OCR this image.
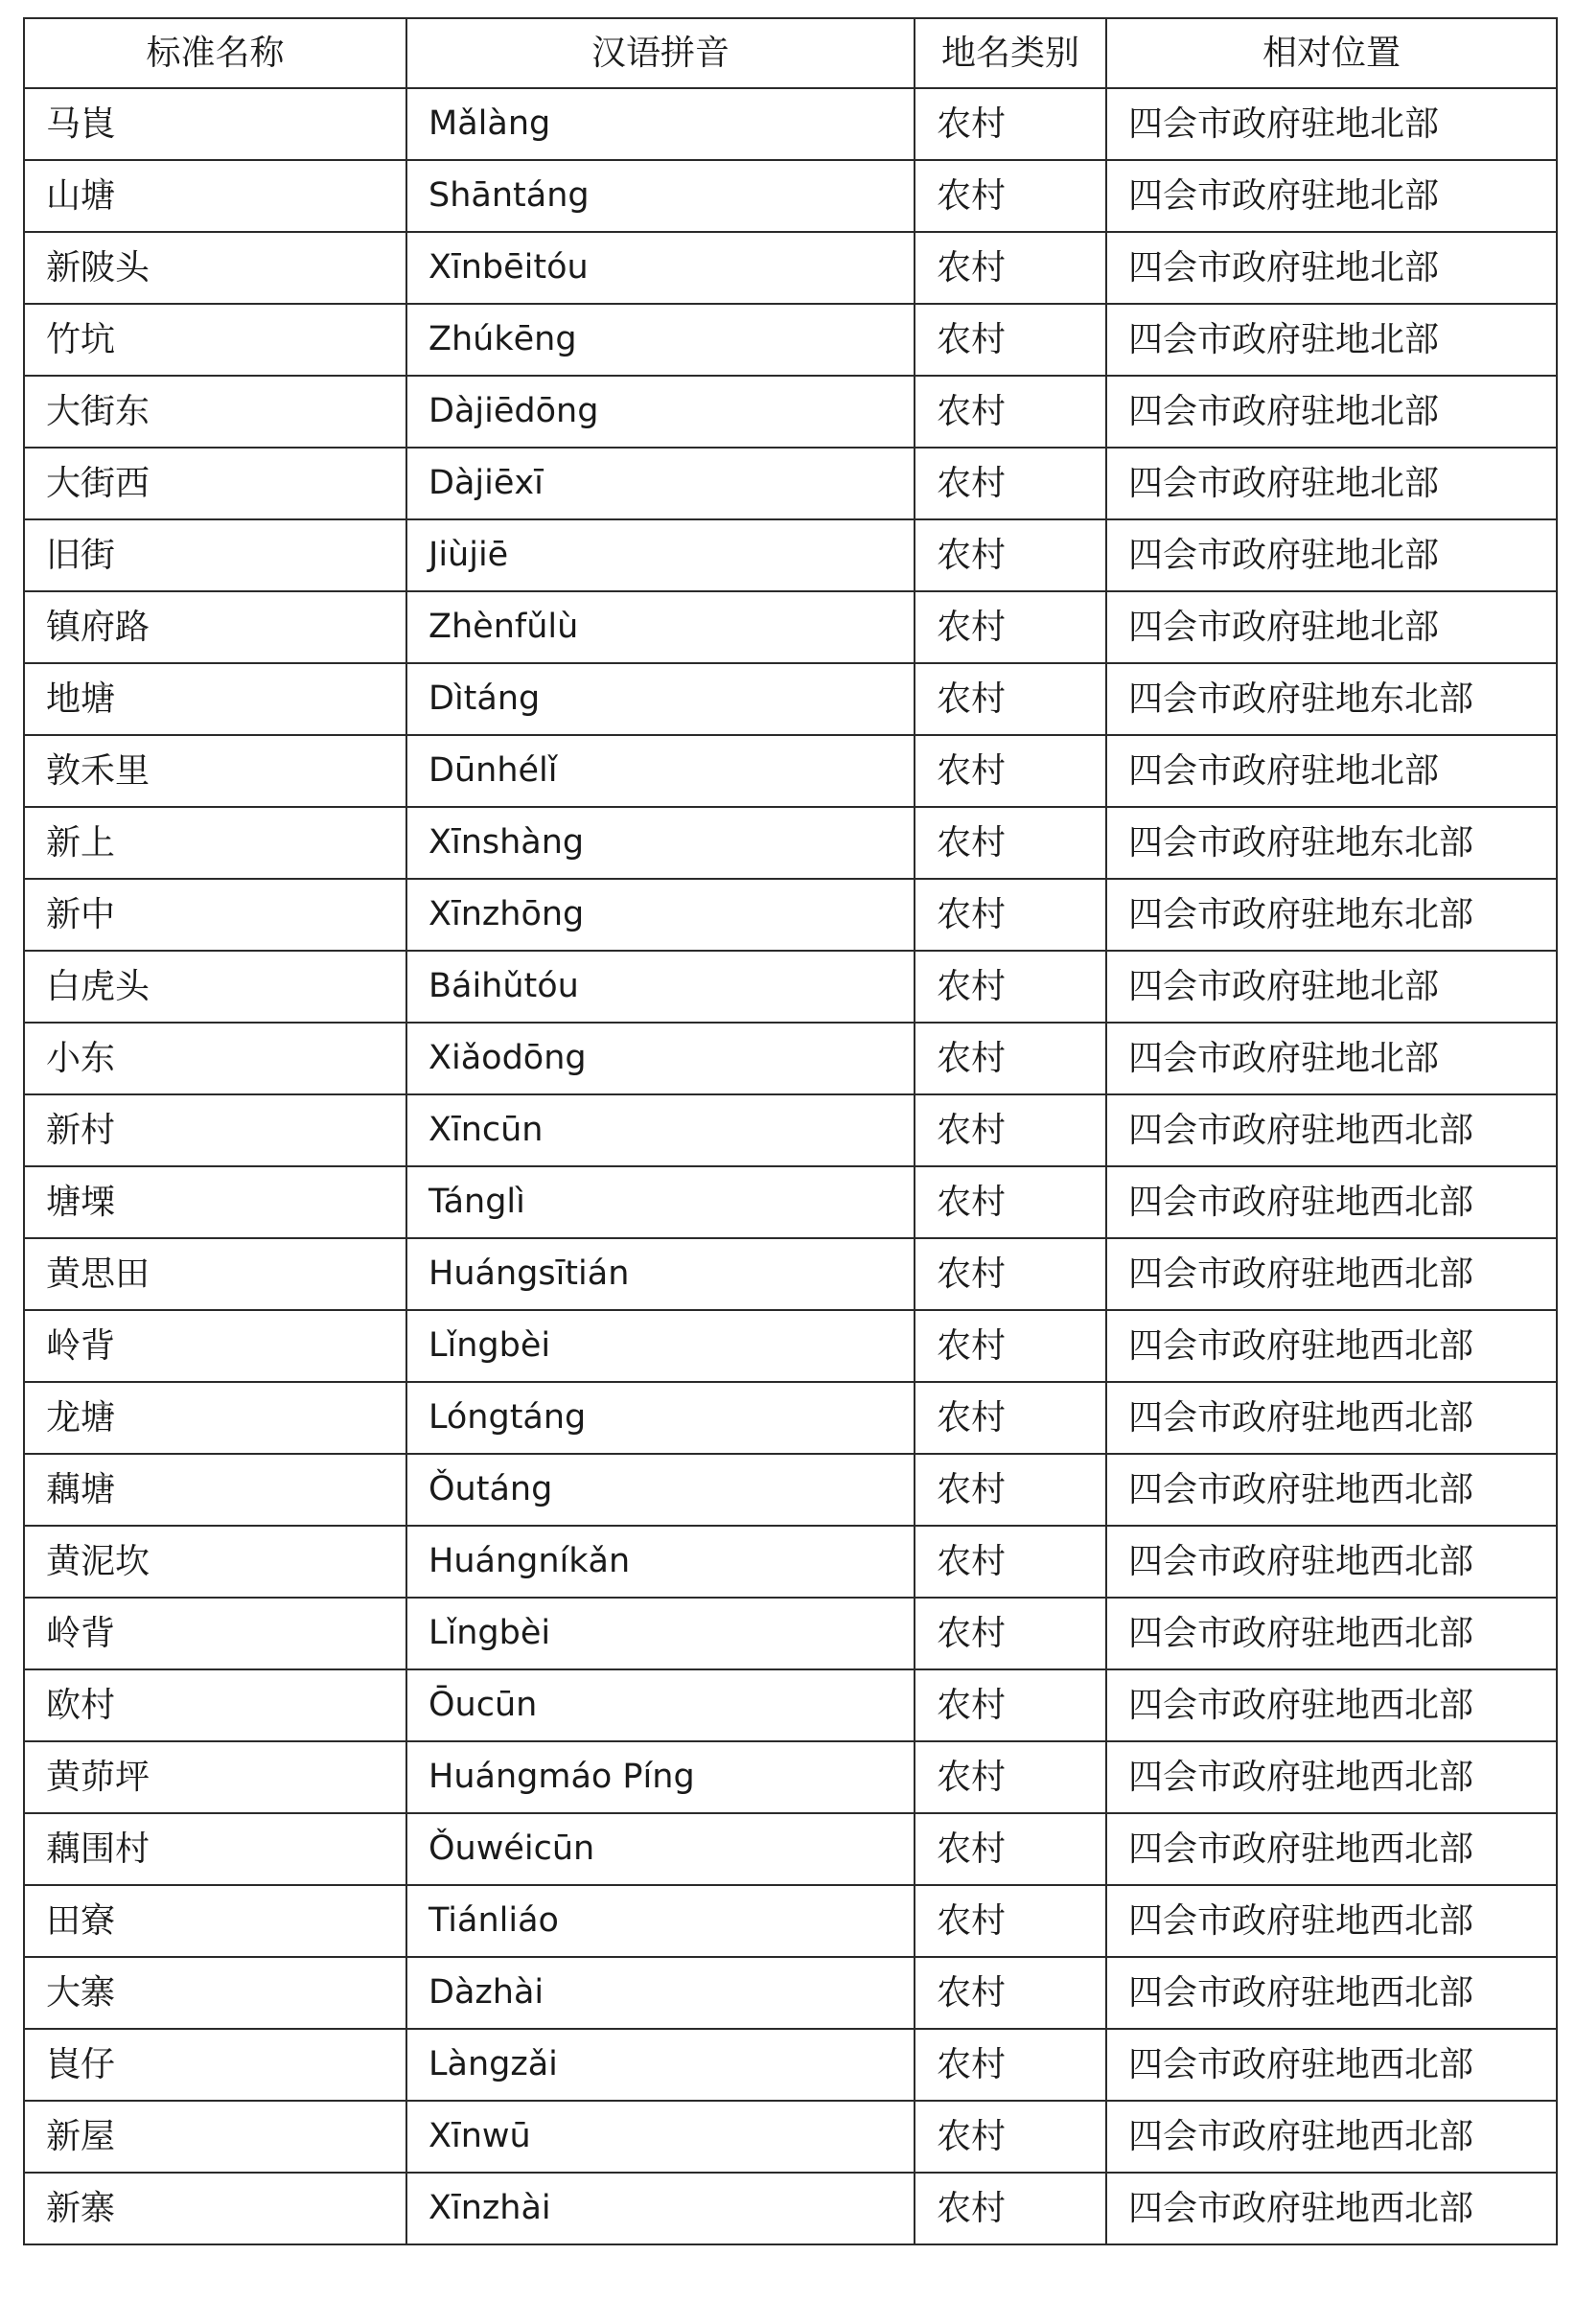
标准名称	汉语拼音	地名类别	相对位置
马崀	Mǎlàng	农村	四会市政府驻地北部
山塘	Shāntáng	农村	四会市政府驻地北部
新陂头	Xīnbēitóu	农村	四会市政府驻地北部
竹坑	Zhúkēng	农村	四会市政府驻地北部
大街东	Dàjiēdōng	农村	四会市政府驻地北部
大街西	Dàjiēxī	农村	四会市政府驻地北部
旧街	Jiùjiē	农村	四会市政府驻地北部
镇府路	Zhènfǔlù	农村	四会市政府驻地北部
地塘	Dìtáng	农村	四会市政府驻地东北部
敦禾里	Dūnhélǐ	农村	四会市政府驻地北部
新上	Xīnshàng	农村	四会市政府驻地东北部
新中	Xīnzhōng	农村	四会市政府驻地东北部
白虎头	Báihǔtóu	农村	四会市政府驻地北部
小东	Xiǎodōng	农村	四会市政府驻地北部
新村	Xīncūn	农村	四会市政府驻地西北部
塘塛	Tánglì	农村	四会市政府驻地西北部
黄思田	Huángsītián	农村	四会市政府驻地西北部
岭背	Lǐngbèi	农村	四会市政府驻地西北部
龙塘	Lóngtáng	农村	四会市政府驻地西北部
藕塘	Ǒutáng	农村	四会市政府驻地西北部
黄泥坎	Huángníkǎn	农村	四会市政府驻地西北部
岭背	Lǐngbèi	农村	四会市政府驻地西北部
欧村	Ōucūn	农村	四会市政府驻地西北部
黄茆坪	Huángmáo Píng	农村	四会市政府驻地西北部
藕围村	Ǒuwéicūn	农村	四会市政府驻地西北部
田寮	Tiánliáo	农村	四会市政府驻地西北部
大寨	Dàzhài	农村	四会市政府驻地西北部
崀仔	Làngzǎi	农村	四会市政府驻地西北部
新屋	Xīnwū	农村	四会市政府驻地西北部
新寨	Xīnzhài	农村	四会市政府驻地西北部
